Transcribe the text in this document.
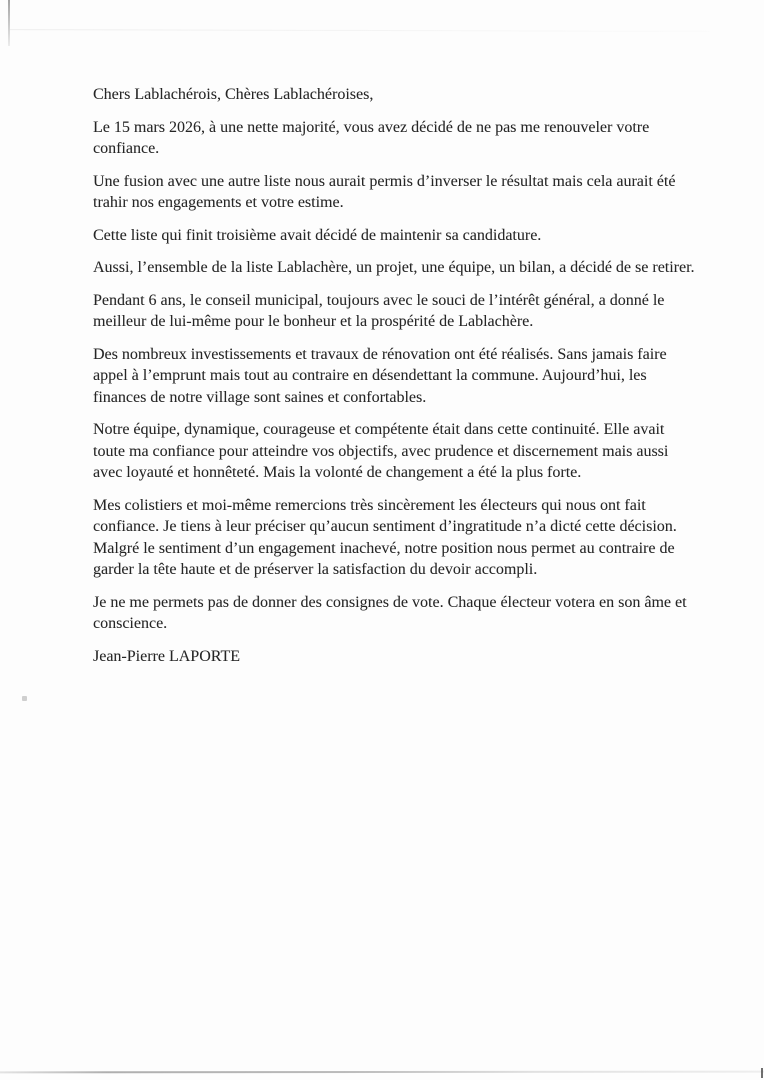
Chers Lablachérois, Chères Lablachéroises,

Le 15 mars 2026, à une nette majorité, vous avez décidé de ne pas me renouveler votre
confiance.

Une fusion avec une autre liste nous aurait permis d’inverser le résultat mais cela aurait été
trahir nos engagements et votre estime.

Cette liste qui finit troisième avait décidé de maintenir sa candidature.

Aussi, l’ensemble de la liste Lablachère, un projet, une équipe, un bilan, a décidé de se retirer.

Pendant 6 ans, le conseil municipal, toujours avec le souci de l’intérêt général, a donné le
meilleur de lui-même pour le bonheur et la prospérité de Lablachère.

Des nombreux investissements et travaux de rénovation ont été réalisés. Sans jamais faire
appel à l’emprunt mais tout au contraire en désendettant la commune. Aujourd’hui, les
finances de notre village sont saines et confortables.

Notre équipe, dynamique, courageuse et compétente était dans cette continuité. Elle avait
toute ma confiance pour atteindre vos objectifs, avec prudence et discernement mais aussi
avec loyauté et honnêteté. Mais la volonté de changement a été la plus forte.

Mes colistiers et moi-même remercions très sincèrement les électeurs qui nous ont fait
confiance. Je tiens à leur préciser qu’aucun sentiment d’ingratitude n’a dicté cette décision.
Malgré le sentiment d’un engagement inachevé, notre position nous permet au contraire de
garder la tête haute et de préserver la satisfaction du devoir accompli.

Je ne me permets pas de donner des consignes de vote. Chaque électeur votera en son âme et
conscience.

Jean-Pierre LAPORTE
